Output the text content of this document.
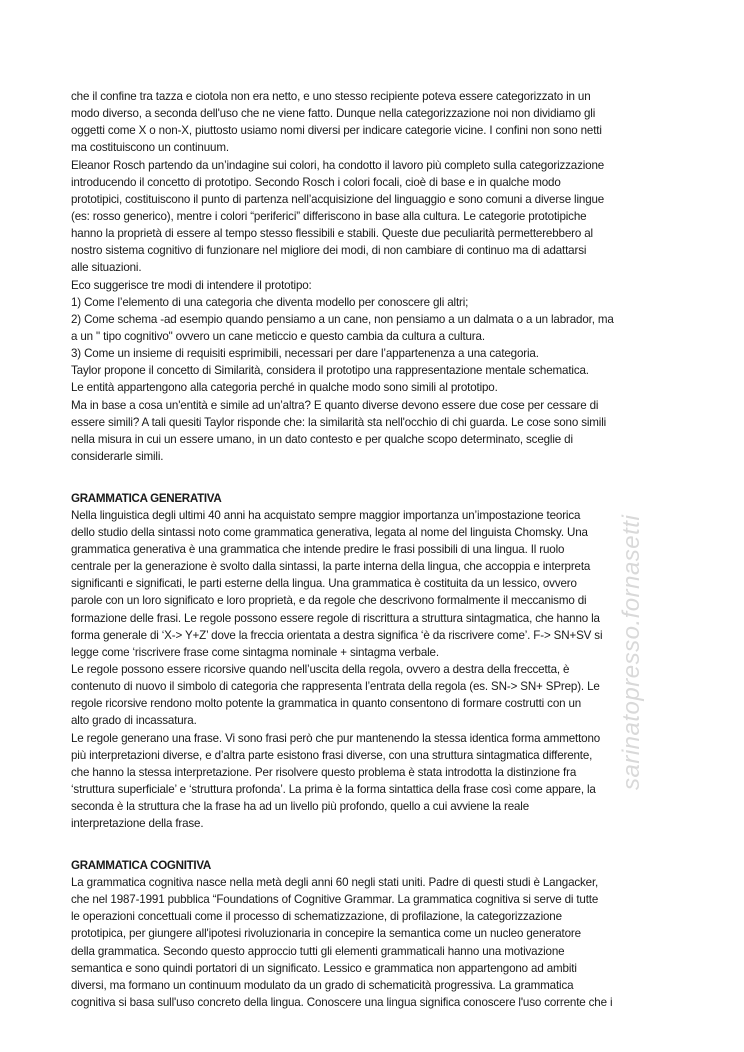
sarinatopresso.fornasetti
che il confine tra tazza e ciotola non era netto, e uno stesso recipiente poteva essere categorizzato in un
modo diverso, a seconda dell'uso che ne viene fatto. Dunque nella categorizzazione noi non dividiamo gli
oggetti come X o non-X, piuttosto usiamo nomi diversi per indicare categorie vicine. I confini non sono netti
ma costituiscono un continuum.
Eleanor Rosch partendo da un’indagine sui colori, ha condotto il lavoro più completo sulla categorizzazione
introducendo il concetto di prototipo. Secondo Rosch i colori focali, cioè di base e in qualche modo
prototipici, costituiscono il punto di partenza nell’acquisizione del linguaggio e sono comuni a diverse lingue
(es: rosso generico), mentre i colori “periferici” differiscono in base alla cultura. Le categorie prototipiche
hanno la proprietà di essere al tempo stesso flessibili e stabili. Queste due peculiarità permetterebbero al
nostro sistema cognitivo di funzionare nel migliore dei modi, di non cambiare di continuo ma di adattarsi
alle situazioni.
Eco suggerisce tre modi di intendere il prototipo:
1) Come l’elemento di una categoria che diventa modello per conoscere gli altri;
2) Come schema -ad esempio quando pensiamo a un cane, non pensiamo a un dalmata o a un labrador, ma
a un " tipo cognitivo" ovvero un cane meticcio e questo cambia da cultura a cultura.
3) Come un insieme di requisiti esprimibili, necessari per dare l’appartenenza a una categoria.
Taylor propone il concetto di Similarità, considera il prototipo una rappresentazione mentale schematica.
Le entità appartengono alla categoria perché in qualche modo sono simili al prototipo.
Ma in base a cosa un'entità e simile ad un’altra? E quanto diverse devono essere due cose per cessare di
essere simili? A tali quesiti Taylor risponde che: la similarità sta nell'occhio di chi guarda. Le cose sono simili
nella misura in cui un essere umano, in un dato contesto e per qualche scopo determinato, sceglie di
considerarle simili.
GRAMMATICA GENERATIVA
Nella linguistica degli ultimi 40 anni ha acquistato sempre maggior importanza un’impostazione teorica
dello studio della sintassi noto come grammatica generativa, legata al nome del linguista Chomsky. Una
grammatica generativa è una grammatica che intende predire le frasi possibili di una lingua. Il ruolo
centrale per la generazione è svolto dalla sintassi, la parte interna della lingua, che accoppia e interpreta
significanti e significati, le parti esterne della lingua. Una grammatica è costituita da un lessico, ovvero
parole con un loro significato e loro proprietà, e da regole che descrivono formalmente il meccanismo di
formazione delle frasi. Le regole possono essere regole di riscrittura a struttura sintagmatica, che hanno la
forma generale di ‘X-> Y+Z’ dove la freccia orientata a destra significa ‘è da riscrivere come’. F-> SN+SV si
legge come ‘riscrivere frase come sintagma nominale + sintagma verbale.
Le regole possono essere ricorsive quando nell’uscita della regola, ovvero a destra della freccetta, è
contenuto di nuovo il simbolo di categoria che rappresenta l’entrata della regola (es. SN-> SN+ SPrep). Le
regole ricorsive rendono molto potente la grammatica in quanto consentono di formare costrutti con un
alto grado di incassatura.
Le regole generano una frase. Vi sono frasi però che pur mantenendo la stessa identica forma ammettono
più interpretazioni diverse, e d’altra parte esistono frasi diverse, con una struttura sintagmatica differente,
che hanno la stessa interpretazione. Per risolvere questo problema è stata introdotta la distinzione fra
‘struttura superficiale’ e ‘struttura profonda’. La prima è la forma sintattica della frase così come appare, la
seconda è la struttura che la frase ha ad un livello più profondo, quello a cui avviene la reale
interpretazione della frase.
GRAMMATICA COGNITIVA
La grammatica cognitiva nasce nella metà degli anni 60 negli stati uniti. Padre di questi studi è Langacker,
che nel 1987-1991 pubblica “Foundations of Cognitive Grammar. La grammatica cognitiva si serve di tutte
le operazioni concettuali come il processo di schematizzazione, di profilazione, la categorizzazione
prototipica, per giungere all'ipotesi rivoluzionaria in concepire la semantica come un nucleo generatore
della grammatica. Secondo questo approccio tutti gli elementi grammaticali hanno una motivazione
semantica e sono quindi portatori di un significato. Lessico e grammatica non appartengono ad ambiti
diversi, ma formano un continuum modulato da un grado di schematicità progressiva. La grammatica
cognitiva si basa sull'uso concreto della lingua. Conoscere una lingua significa conoscere l'uso corrente che i
